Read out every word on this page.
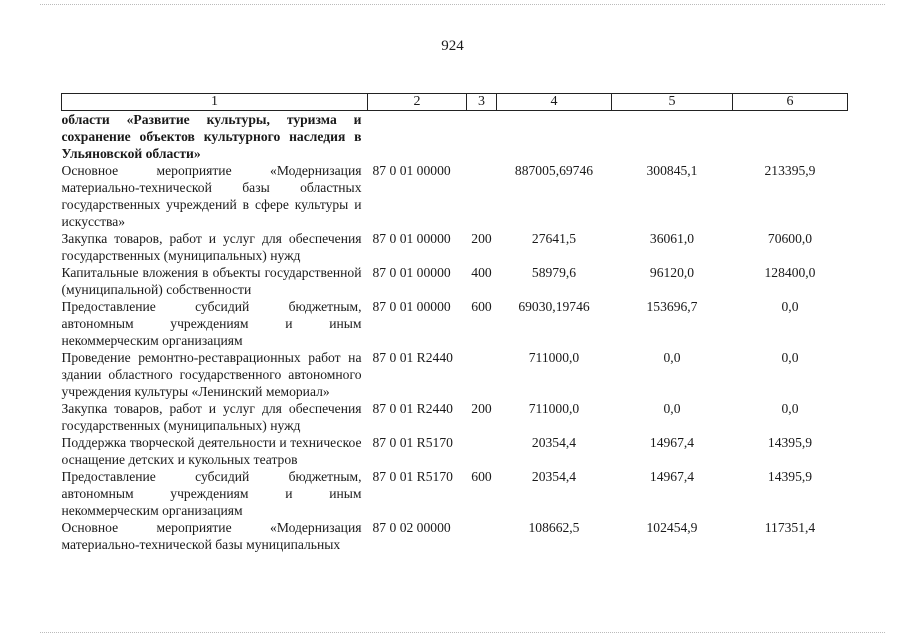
924
1	2	3	4	5	6
области «Развитие культуры, туризма и сохранение объектов культурного наследия в Ульяновской области»					
Основное мероприятие «Модернизация материально-технической базы областных государственных учреждений в сфере культуры и искусства»	87 0 01 00000		887005,69746	300845,1	213395,9
Закупка товаров, работ и услуг для обеспечения государственных (муниципальных) нужд	87 0 01 00000	200	27641,5	36061,0	70600,0
Капитальные вложения в объекты государственной (муниципальной) собственности	87 0 01 00000	400	58979,6	96120,0	128400,0
Предоставление субсидий бюджетным, автономным учреждениям и иным некоммерческим организациям	87 0 01 00000	600	69030,19746	153696,7	0,0
Проведение ремонтно-реставрационных работ на здании областного государственного автономного учреждения культуры «Ленинский мемориал»	87 0 01 R2440		711000,0	0,0	0,0
Закупка товаров, работ и услуг для обеспечения государственных (муниципальных) нужд	87 0 01 R2440	200	711000,0	0,0	0,0
Поддержка творческой деятельности и техническое оснащение детских и кукольных театров	87 0 01 R5170		20354,4	14967,4	14395,9
Предоставление субсидий бюджетным, автономным учреждениям и иным некоммерческим организациям	87 0 01 R5170	600	20354,4	14967,4	14395,9
Основное мероприятие «Модернизация материально-технической базы муниципальных	87 0 02 00000		108662,5	102454,9	117351,4
